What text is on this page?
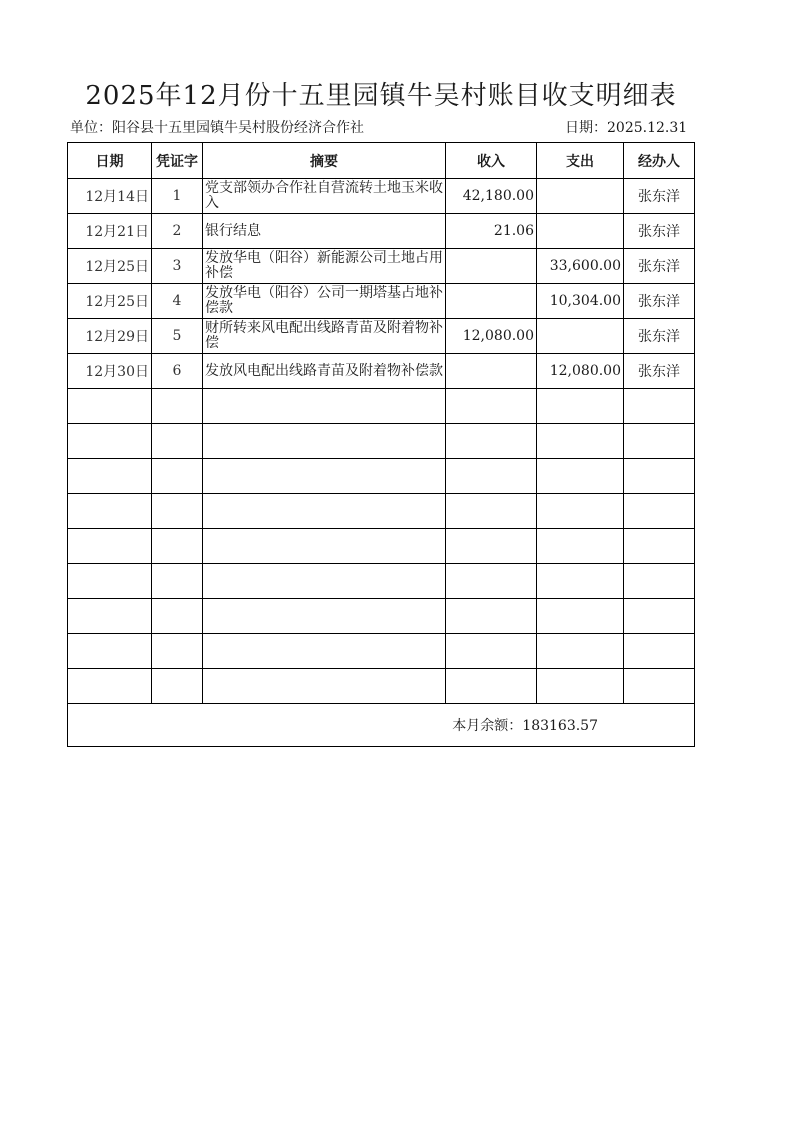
2025年12月份十五里园镇牛吴村账目收支明细表
单位：阳谷县十五里园镇牛吴村股份经济合作社	日期：2025.12.31
日期	凭证字	摘要	收入	支出	经办人
12月14日	1	党支部领办合作社自营流转土地玉米收入	42,180.00		张东洋
12月21日	2	银行结息	21.06		张东洋
12月25日	3	发放华电（阳谷）新能源公司土地占用补偿		33,600.00	张东洋
12月25日	4	发放华电（阳谷）公司一期塔基占地补偿款		10,304.00	张东洋
12月29日	5	财所转来风电配出线路青苗及附着物补偿	12,080.00		张东洋
12月30日	6	发放风电配出线路青苗及附着物补偿款		12,080.00	张东洋

本月余额：183163.57					
